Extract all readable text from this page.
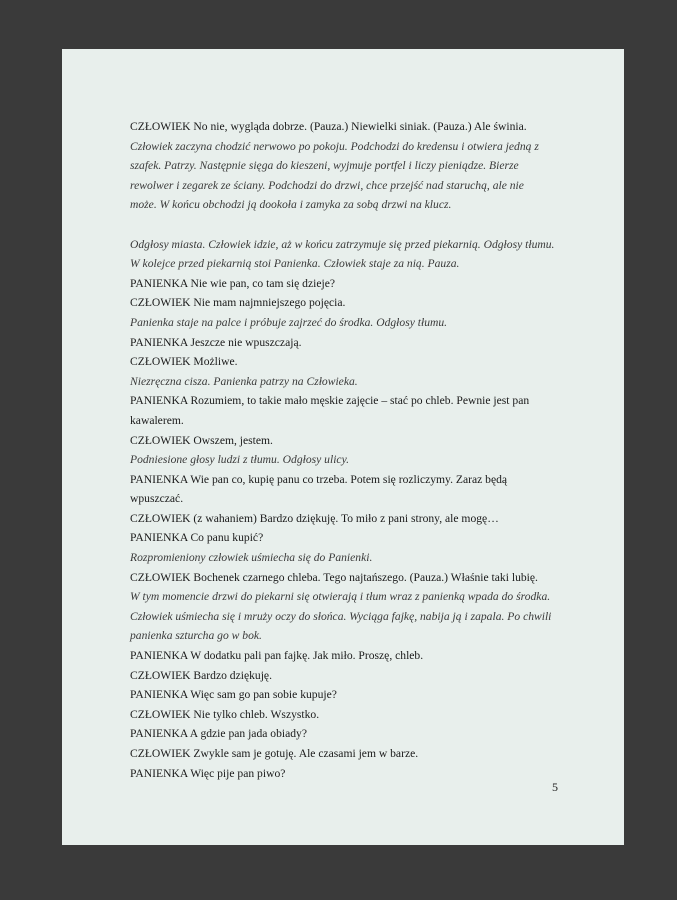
CZŁOWIEK No nie, wygląda dobrze. (Pauza.) Niewielki siniak. (Pauza.) Ale świnia.
Człowiek zaczyna chodzić nerwowo po pokoju. Podchodzi do kredensu i otwiera jedną z
szafek. Patrzy. Następnie sięga do kieszeni, wyjmuje portfel i liczy pieniądze. Bierze
rewolwer i zegarek ze ściany. Podchodzi do drzwi, chce przejść nad staruchą, ale nie
może. W końcu obchodzi ją dookoła i zamyka za sobą drzwi na klucz.
Odgłosy miasta. Człowiek idzie, aż w końcu zatrzymuje się przed piekarnią. Odgłosy tłumu.
W kolejce przed piekarnią stoi Panienka. Człowiek staje za nią. Pauza.
PANIENKA Nie wie pan, co tam się dzieje?
CZŁOWIEK Nie mam najmniejszego pojęcia.
Panienka staje na palce i próbuje zajrzeć do środka. Odgłosy tłumu.
PANIENKA Jeszcze nie wpuszczają.
CZŁOWIEK Możliwe.
Niezręczna cisza. Panienka patrzy na Człowieka.
PANIENKA Rozumiem, to takie mało męskie zajęcie – stać po chleb. Pewnie jest pan
kawalerem.
CZŁOWIEK Owszem, jestem.
Podniesione głosy ludzi z tłumu. Odgłosy ulicy.
PANIENKA Wie pan co, kupię panu co trzeba. Potem się rozliczymy. Zaraz będą
wpuszczać.
CZŁOWIEK (z wahaniem) Bardzo dziękuję. To miło z pani strony, ale mogę…
PANIENKA Co panu kupić?
Rozpromieniony człowiek uśmiecha się do Panienki.
CZŁOWIEK Bochenek czarnego chleba. Tego najtańszego. (Pauza.) Właśnie taki lubię.
W tym momencie drzwi do piekarni się otwierają i tłum wraz z panienką wpada do środka.
Człowiek uśmiecha się i mruży oczy do słońca. Wyciąga fajkę, nabija ją i zapala. Po chwili
panienka szturcha go w bok.
PANIENKA W dodatku pali pan fajkę. Jak miło. Proszę, chleb.
CZŁOWIEK Bardzo dziękuję.
PANIENKA Więc sam go pan sobie kupuje?
CZŁOWIEK Nie tylko chleb. Wszystko.
PANIENKA A gdzie pan jada obiady?
CZŁOWIEK Zwykle sam je gotuję. Ale czasami jem w barze.
PANIENKA Więc pije pan piwo?
5
